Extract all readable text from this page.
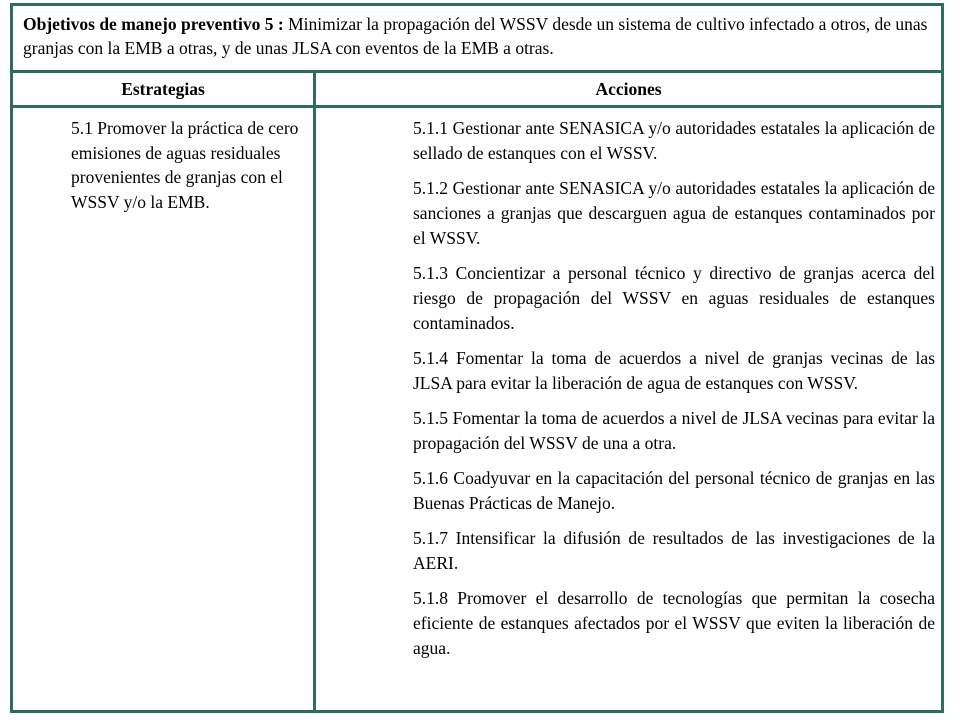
Objetivos de manejo preventivo 5 : Minimizar la propagación del WSSV desde un sistema de cultivo infectado a otros, de unas granjas con la EMB a otras, y de unas JLSA con eventos de la EMB a otras.
Estrategias	Acciones
5.1 Promover la práctica de cero emisiones de aguas residuales provenientes de granjas con el WSSV y/o la EMB.

5.1.1 Gestionar ante SENASICA y/o autoridades estatales la aplicación de sellado de estanques con el WSSV.

5.1.2 Gestionar ante SENASICA y/o autoridades estatales la aplicación de sanciones a granjas que descarguen agua de estanques contaminados por el WSSV.

5.1.3 Concientizar a personal técnico y directivo de granjas acerca del riesgo de propagación del WSSV en aguas residuales de estanques contaminados.

5.1.4 Fomentar la toma de acuerdos a nivel de granjas vecinas de las JLSA para evitar la liberación de agua de estanques con WSSV.

5.1.5 Fomentar la toma de acuerdos a nivel de JLSA vecinas para evitar la propagación del WSSV de una a otra.

5.1.6 Coadyuvar en la capacitación del personal técnico de granjas en las Buenas Prácticas de Manejo.

5.1.7 Intensificar la difusión de resultados de las investigaciones de la AERI.

5.1.8 Promover el desarrollo de tecnologías que permitan la cosecha eficiente de estanques afectados por el WSSV que eviten la liberación de agua.
